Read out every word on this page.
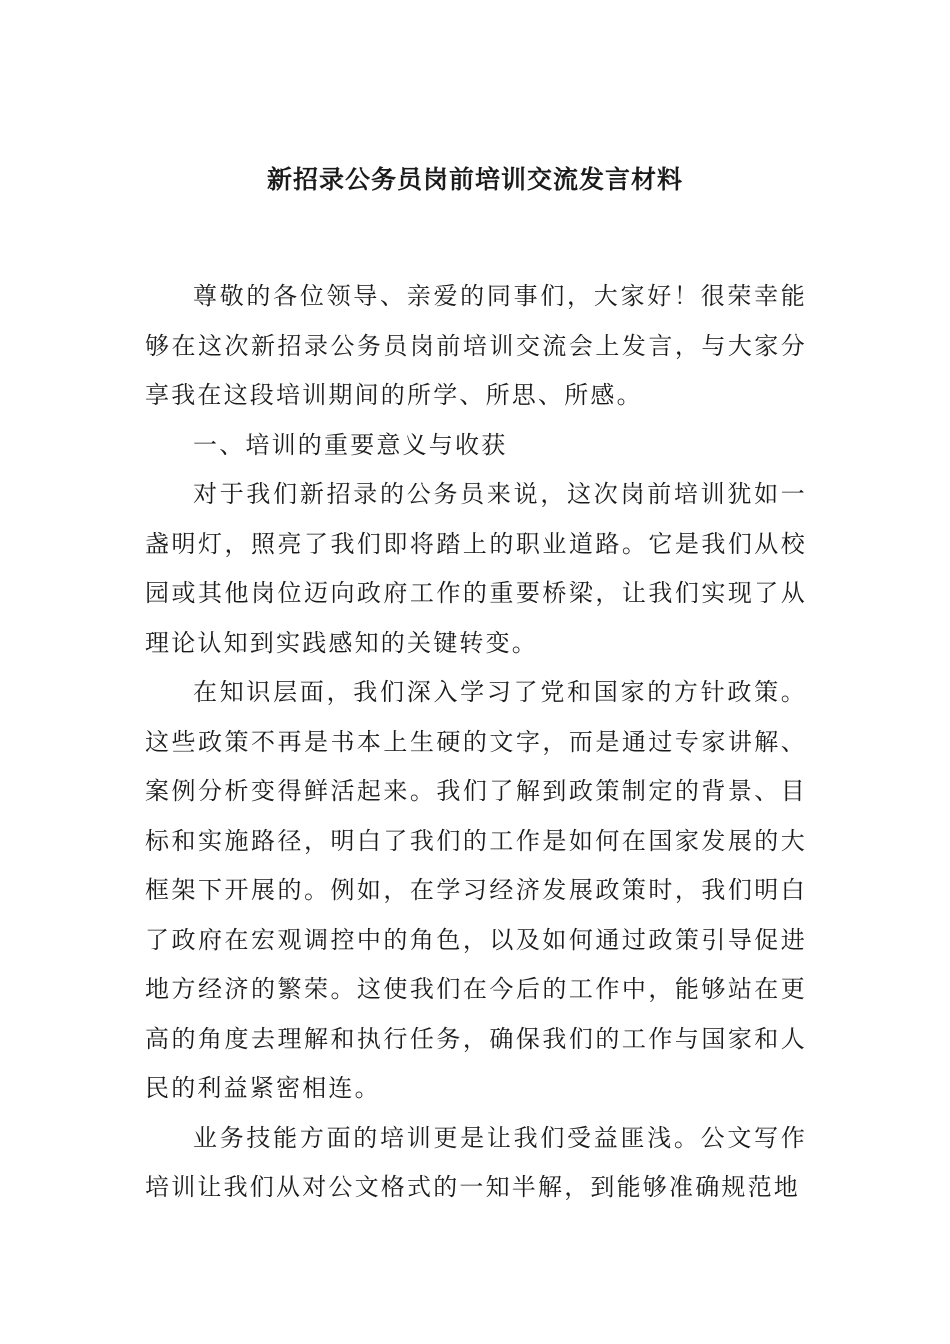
新招录公务员岗前培训交流发言材料

尊敬的各位领导、亲爱的同事们，大家好！很荣幸能够在这次新招录公务员岗前培训交流会上发言，与大家分享我在这段培训期间的所学、所思、所感。

一、培训的重要意义与收获

对于我们新招录的公务员来说，这次岗前培训犹如一盏明灯，照亮了我们即将踏上的职业道路。它是我们从校园或其他岗位迈向政府工作的重要桥梁，让我们实现了从理论认知到实践感知的关键转变。

在知识层面，我们深入学习了党和国家的方针政策。这些政策不再是书本上生硬的文字，而是通过专家讲解、案例分析变得鲜活起来。我们了解到政策制定的背景、目标和实施路径，明白了我们的工作是如何在国家发展的大框架下开展的。例如，在学习经济发展政策时，我们明白了政府在宏观调控中的角色，以及如何通过政策引导促进地方经济的繁荣。这使我们在今后的工作中，能够站在更高的角度去理解和执行任务，确保我们的工作与国家和人民的利益紧密相连。

业务技能方面的培训更是让我们受益匪浅。公文写作培训让我们从对公文格式的一知半解，到能够准确规范地
